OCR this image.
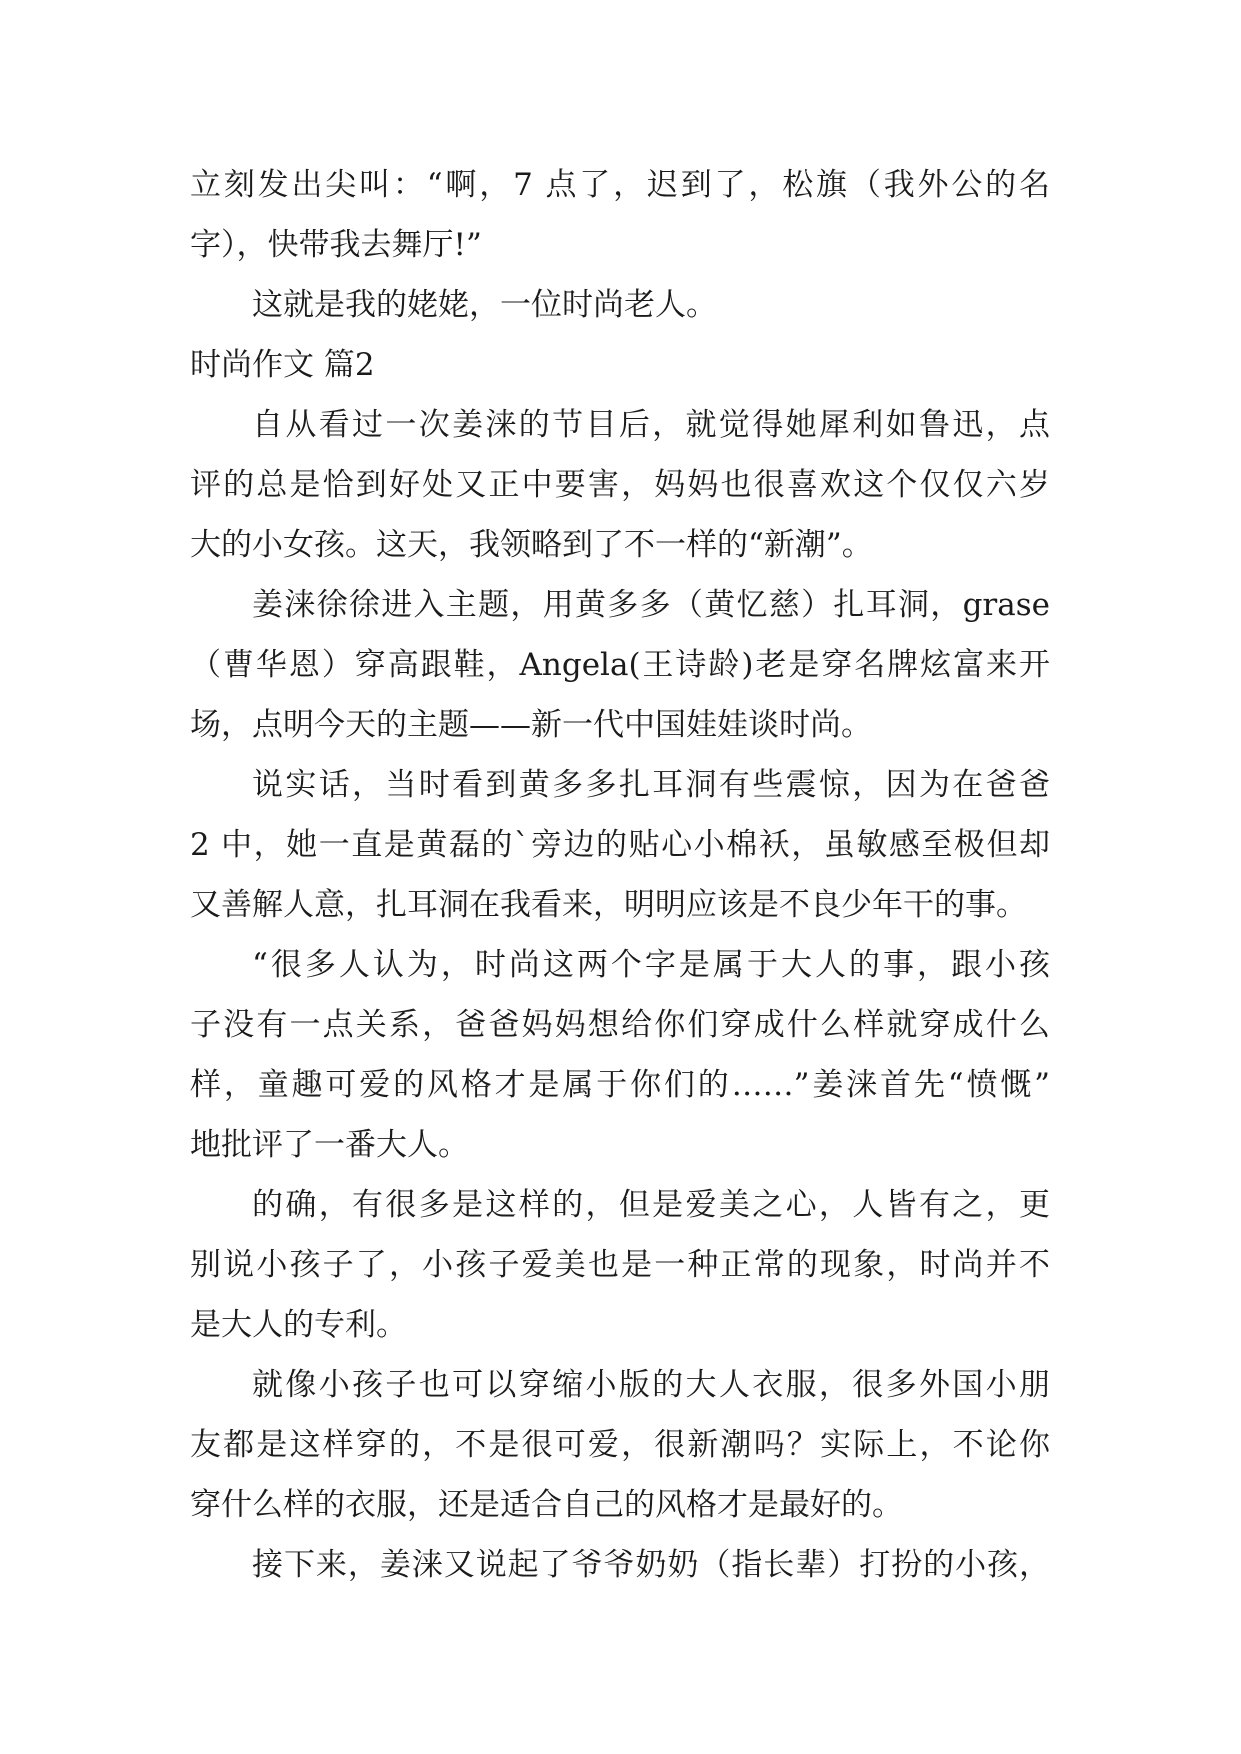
立刻发出尖叫：“啊，7 点了，迟到了，松旗（我外公的名
字），快带我去舞厅!”
这就是我的姥姥，一位时尚老人。
时尚作文 篇2
自从看过一次姜涞的节目后，就觉得她犀利如鲁迅，点
评的总是恰到好处又正中要害，妈妈也很喜欢这个仅仅六岁
大的小女孩。这天，我领略到了不一样的“新潮”。
姜涞徐徐进入主题，用黄多多（黄忆慈）扎耳洞，grase
（曹华恩）穿高跟鞋，Angela(王诗龄)老是穿名牌炫富来开
场，点明今天的主题——新一代中国娃娃谈时尚。
说实话，当时看到黄多多扎耳洞有些震惊，因为在爸爸
2 中，她一直是黄磊的`旁边的贴心小棉袄，虽敏感至极但却
又善解人意，扎耳洞在我看来，明明应该是不良少年干的事。
“很多人认为，时尚这两个字是属于大人的事，跟小孩
子没有一点关系，爸爸妈妈想给你们穿成什么样就穿成什么
样，童趣可爱的风格才是属于你们的……”姜涞首先“愤慨”
地批评了一番大人。
的确，有很多是这样的，但是爱美之心，人皆有之，更
别说小孩子了，小孩子爱美也是一种正常的现象，时尚并不
是大人的专利。
就像小孩子也可以穿缩小版的大人衣服，很多外国小朋
友都是这样穿的，不是很可爱，很新潮吗？实际上，不论你
穿什么样的衣服，还是适合自己的风格才是最好的。
接下来，姜涞又说起了爷爷奶奶（指长辈）打扮的小孩，
